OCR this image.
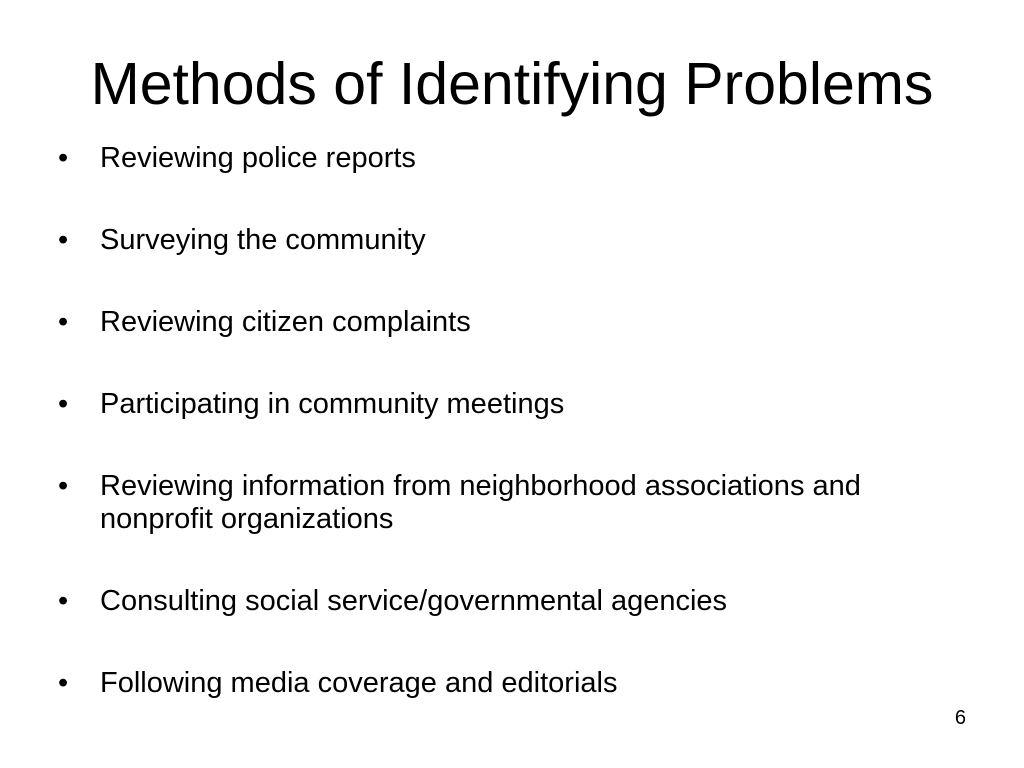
Methods of Identifying Problems
•	Reviewing police reports
•	Surveying the community
•	Reviewing citizen complaints
•	Participating in community meetings
•	Reviewing information from neighborhood associations and nonprofit organizations
•	Consulting social service/governmental agencies
•	Following media coverage and editorials
6
